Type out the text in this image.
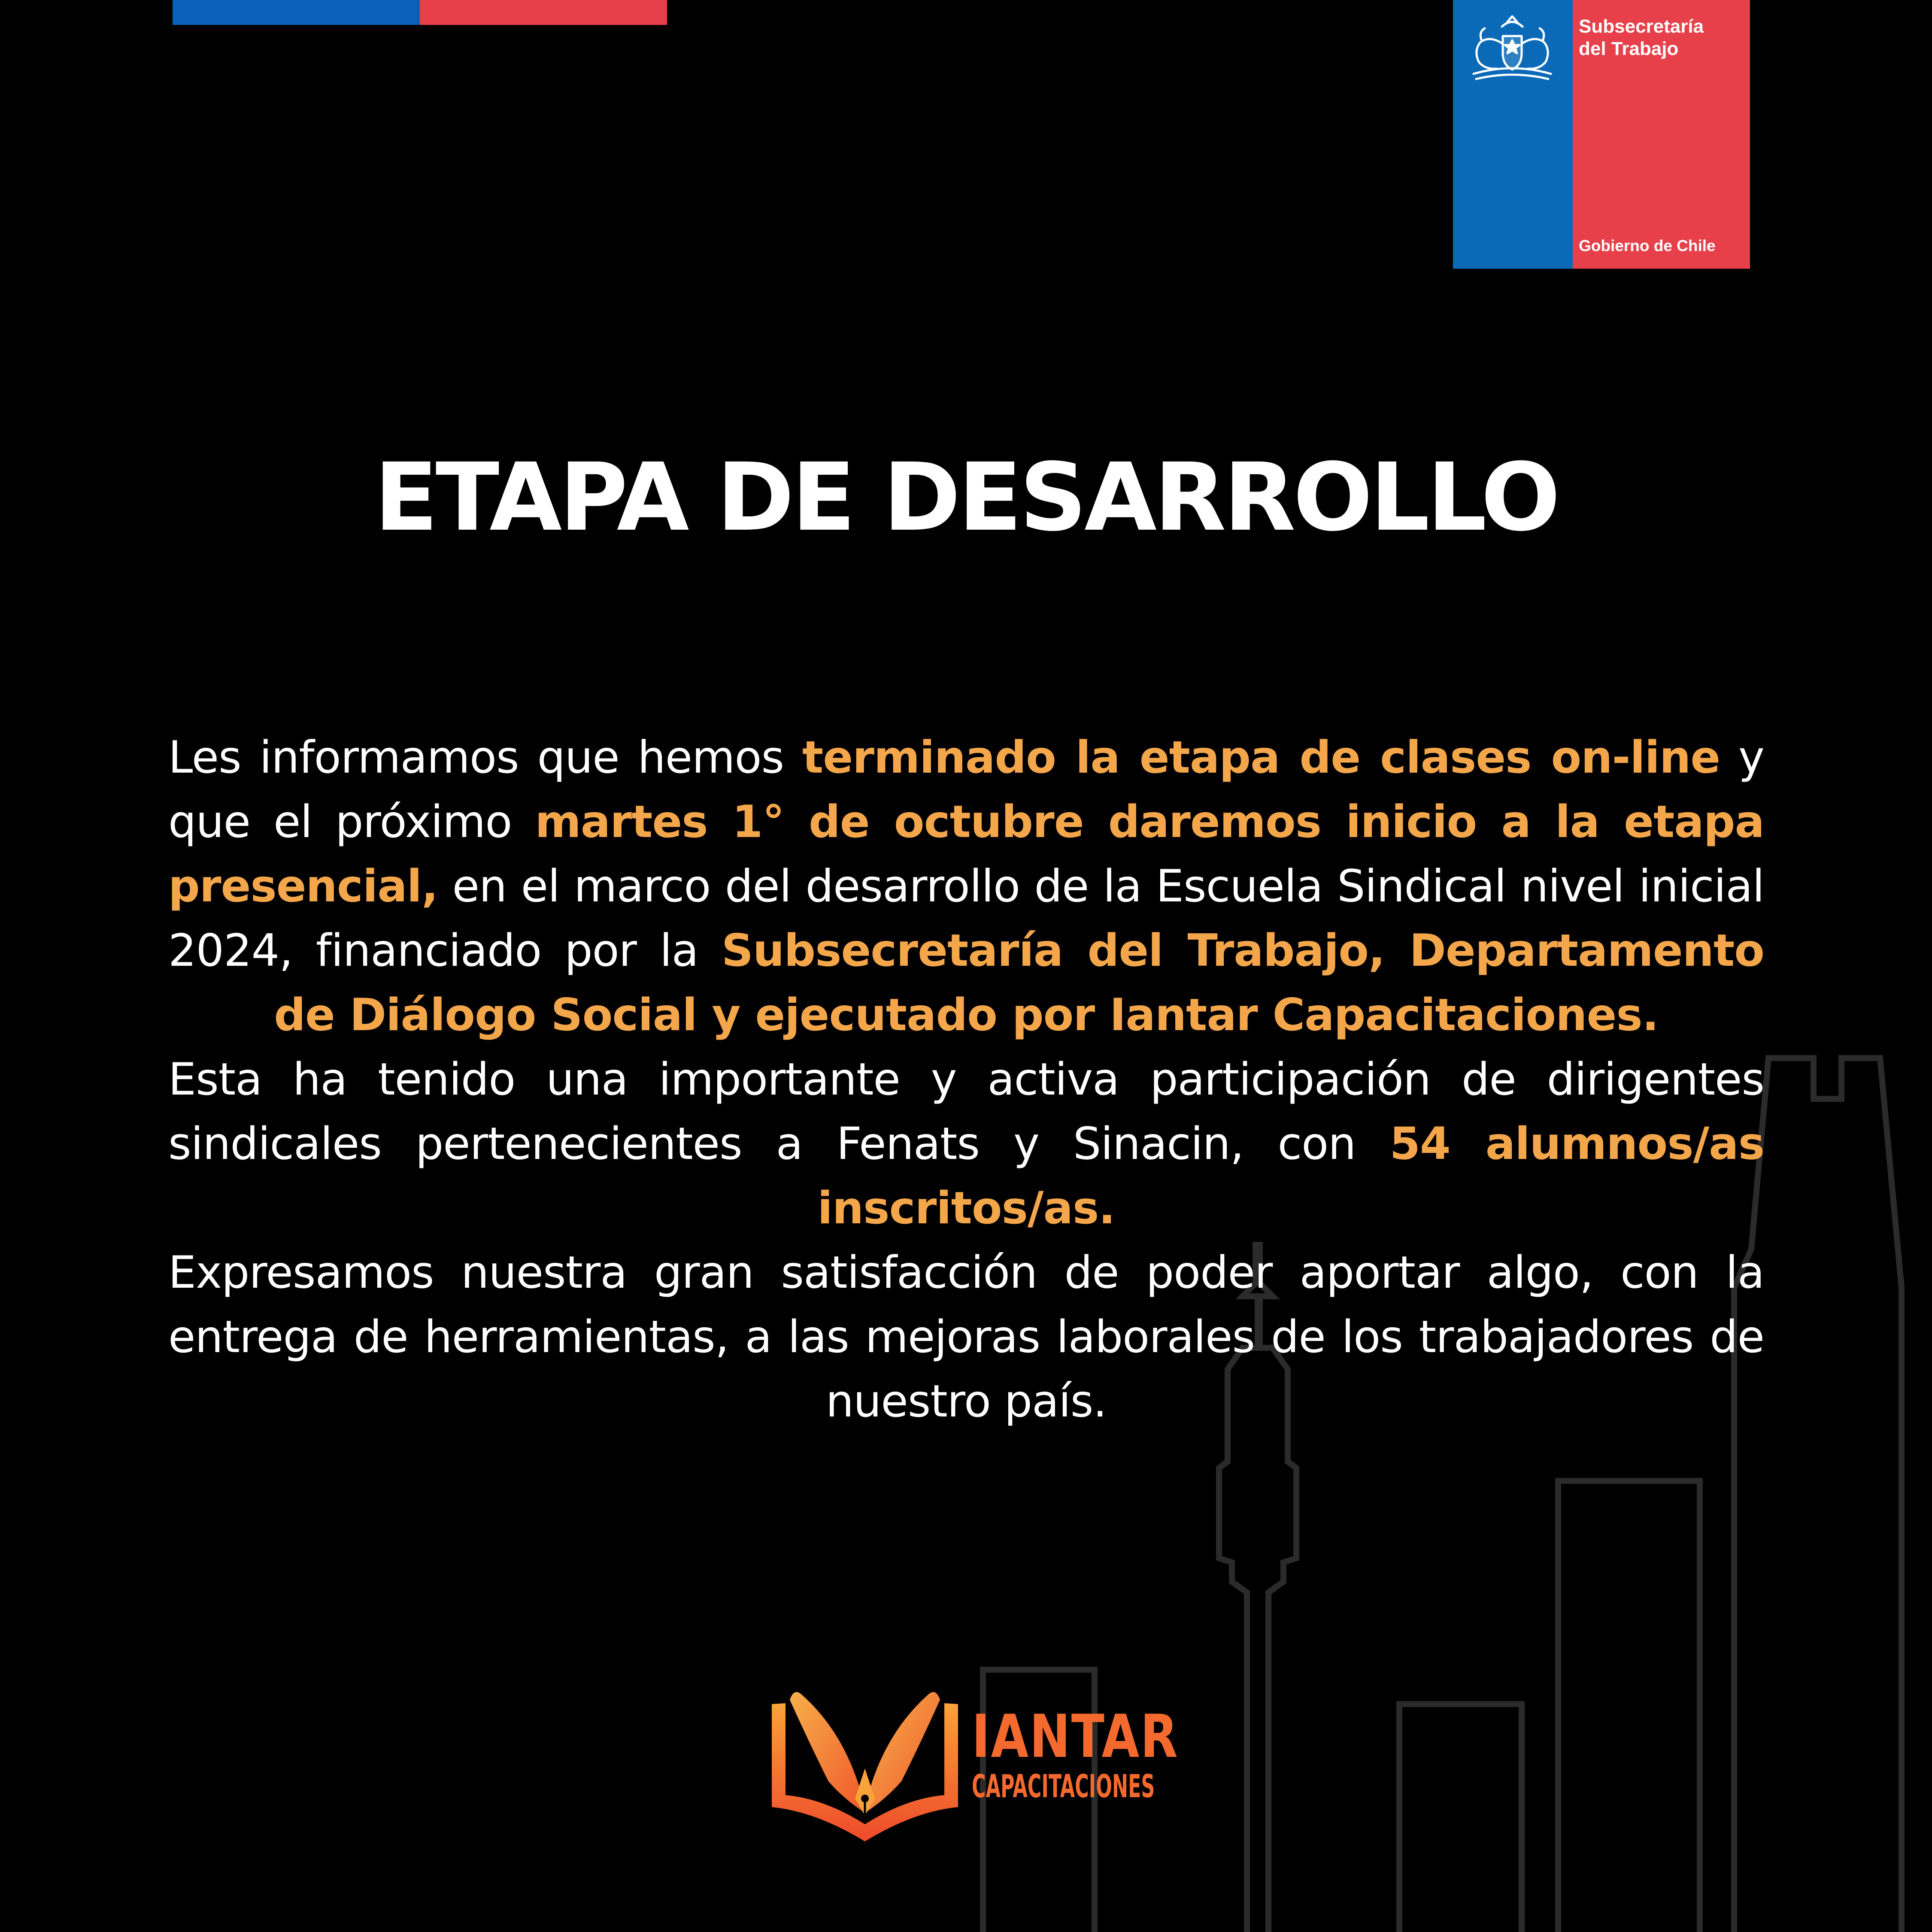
Subsecretaría
del Trabajo
Gobierno de Chile
ETAPA DE DESARROLLO

Les informamos que hemos terminado la etapa de clases on-line y que el próximo martes 1° de octubre daremos inicio a la etapa presencial, en el marco del desarrollo de la Escuela Sindical nivel inicial 2024, financiado por la Subsecretaría del Trabajo, Departamento de Diálogo Social y ejecutado por Iantar Capacitaciones.

Esta ha tenido una importante y activa participación de dirigentes sindicales pertenecientes a Fenats y Sinacin, con 54 alumnos/as inscritos/as.

Expresamos nuestra gran satisfacción de poder aportar algo, con la entrega de herramientas, a las mejoras laborales de los trabajadores de nuestro país.

IANTAR

CAPACITACIONES
